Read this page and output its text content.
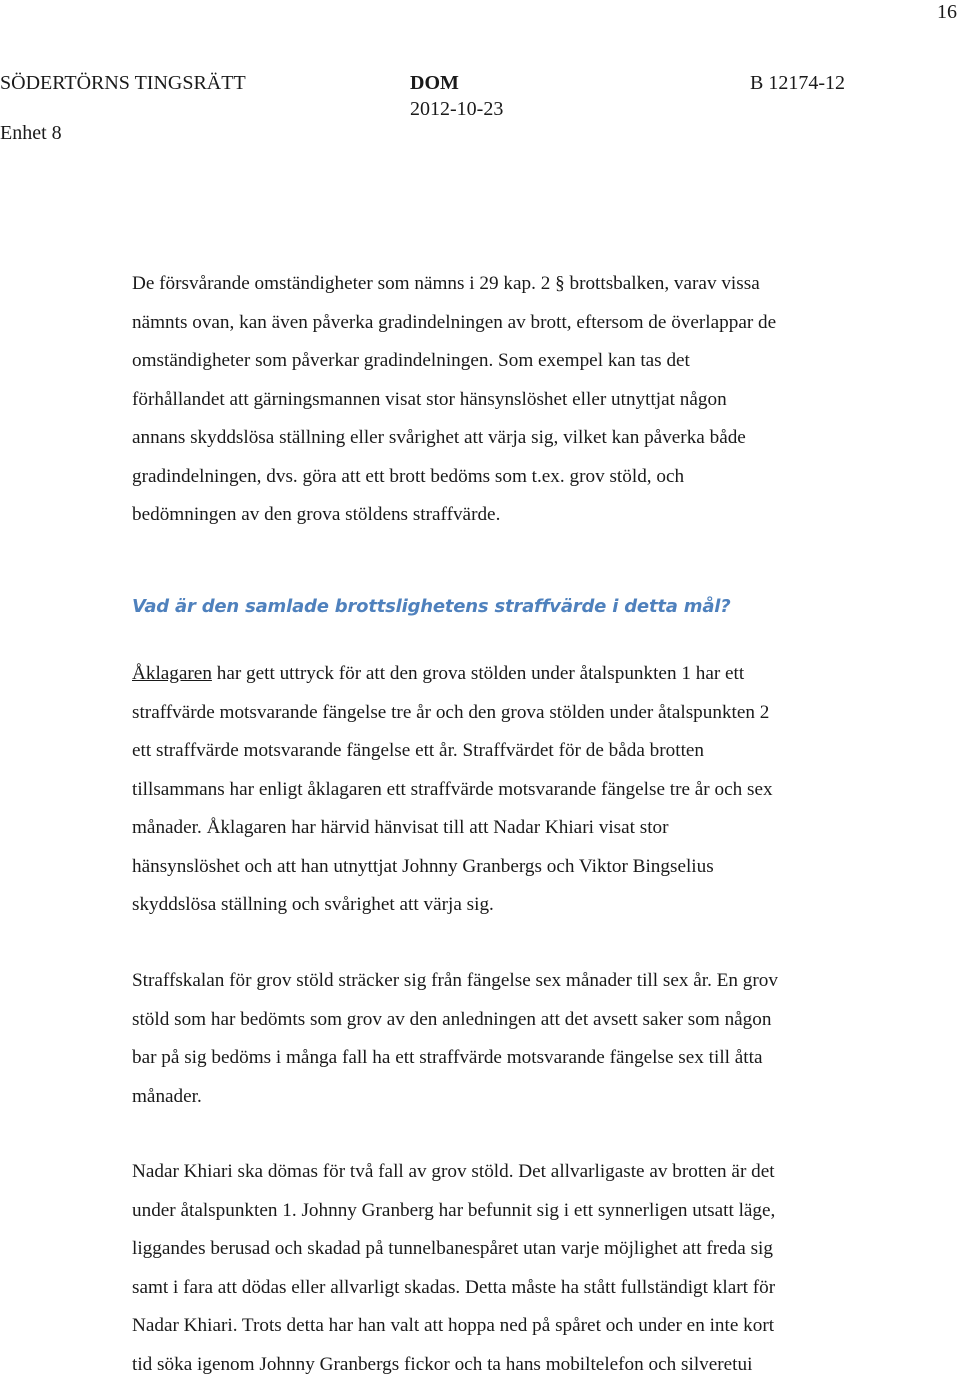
16
SÖDERTÖRNS TINGSRÄTT
Enhet 8
DOM
2012-10-23
B 12174-12
De försvårande omständigheter som nämns i 29 kap. 2 § brottsbalken, varav vissa
nämnts ovan, kan även påverka gradindelningen av brott, eftersom de överlappar de
omständigheter som påverkar gradindelningen. Som exempel kan tas det
förhållandet att gärningsmannen visat stor hänsynslöshet eller utnyttjat någon
annans skyddslösa ställning eller svårighet att värja sig, vilket kan påverka både
gradindelningen, dvs. göra att ett brott bedöms som t.ex. grov stöld, och
bedömningen av den grova stöldens straffvärde.
Vad är den samlade brottslighetens straffvärde i detta mål?
Åklagaren har gett uttryck för att den grova stölden under åtalspunkten 1 har ett
straffvärde motsvarande fängelse tre år och den grova stölden under åtalspunkten 2
ett straffvärde motsvarande fängelse ett år. Straffvärdet för de båda brotten
tillsammans har enligt åklagaren ett straffvärde motsvarande fängelse tre år och sex
månader. Åklagaren har härvid hänvisat till att Nadar Khiari visat stor
hänsynslöshet och att han utnyttjat Johnny Granbergs och Viktor Bingselius
skyddslösa ställning och svårighet att värja sig.
Straffskalan för grov stöld sträcker sig från fängelse sex månader till sex år. En grov
stöld som har bedömts som grov av den anledningen att det avsett saker som någon
bar på sig bedöms i många fall ha ett straffvärde motsvarande fängelse sex till åtta
månader.
Nadar Khiari ska dömas för två fall av grov stöld. Det allvarligaste av brotten är det
under åtalspunkten 1. Johnny Granberg har befunnit sig i ett synnerligen utsatt läge,
liggandes berusad och skadad på tunnelbanespåret utan varje möjlighet att freda sig
samt i fara att dödas eller allvarligt skadas. Detta måste ha stått fullständigt klart för
Nadar Khiari. Trots detta har han valt att hoppa ned på spåret och under en inte kort
tid söka igenom Johnny Granbergs fickor och ta hans mobiltelefon och silveretui
